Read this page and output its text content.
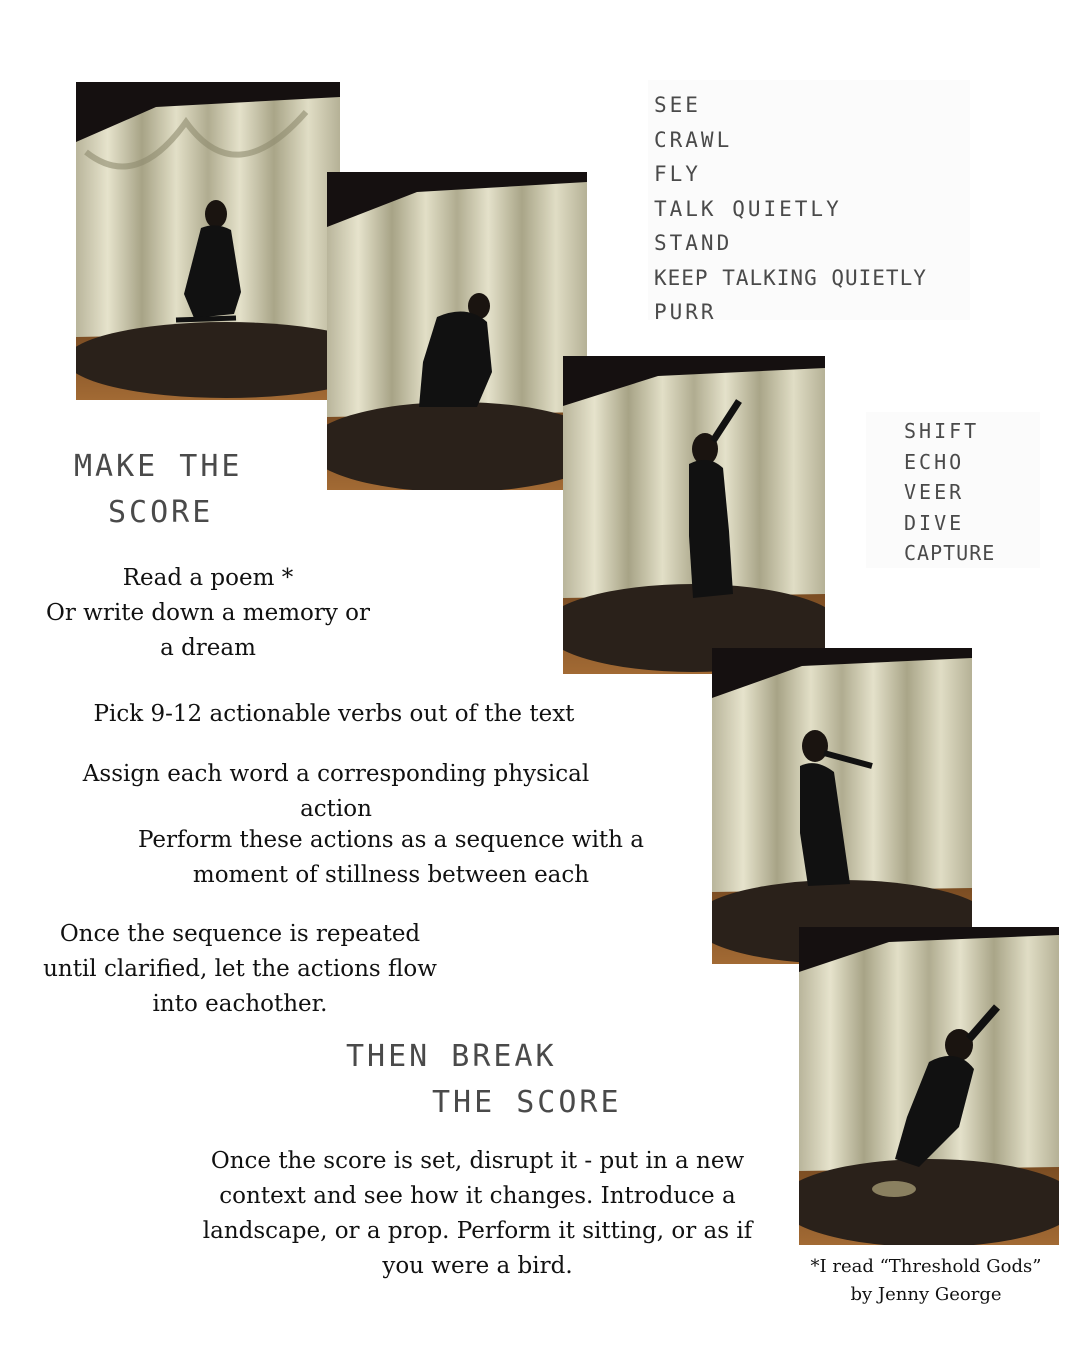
SEE
CRAWL
FLY
TALK QUIETLY
STAND
KEEP TALKING QUIETLY
PURR
SHIFT
ECHO
VEER
DIVE
CAPTURE
MAKE THE
SCORE
Read a poem *
Or write down a memory or a dream
Pick 9-12 actionable verbs out of the text
Assign each word a corresponding physical action
Perform these actions as a sequence with a moment of stillness between each
Once the sequence is repeated until clarified, let the actions flow into eachother.
THEN BREAK
THE SCORE
Once the score is set, disrupt it - put in a new context and see how it changes. Introduce a landscape, or a prop. Perform it sitting, or as if you were a bird.	*I read “Threshold Gods” by Jenny George
